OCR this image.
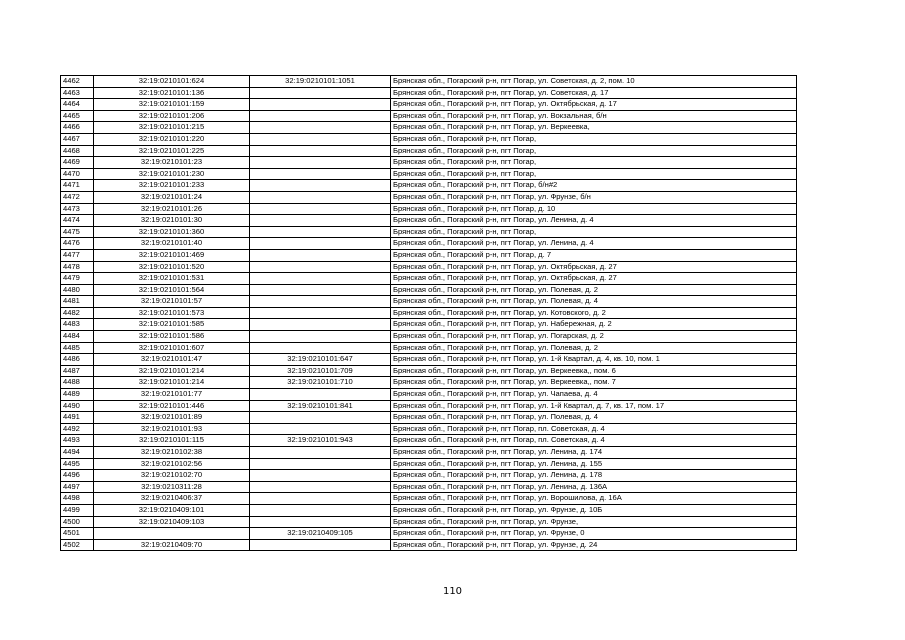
4462	32:19:0210101:624	32:19:0210101:1051	Брянская обл., Погарский р-н, пгт Погар, ул. Советская, д. 2, пом. 10
4463	32:19:0210101:136		Брянская обл., Погарский р-н, пгт Погар, ул. Советская, д. 17
4464	32:19:0210101:159		Брянская обл., Погарский р-н, пгт Погар, ул. Октябрьская, д. 17
4465	32:19:0210101:206		Брянская обл., Погарский р-н, пгт Погар, ул. Вокзальная, б/н
4466	32:19:0210101:215		Брянская обл., Погарский р-н, пгт Погар, ул. Веркеевка,
4467	32:19:0210101:220		Брянская обл., Погарский р-н, пгт Погар,
4468	32:19:0210101:225		Брянская обл., Погарский р-н, пгт Погар,
4469	32:19:0210101:23		Брянская обл., Погарский р-н, пгт Погар,
4470	32:19:0210101:230		Брянская обл., Погарский р-н, пгт Погар,
4471	32:19:0210101:233		Брянская обл., Погарский р-н, пгт Погар, б/н#2
4472	32:19:0210101:24		Брянская обл., Погарский р-н, пгт Погар, ул. Фрунзе, б/н
4473	32:19:0210101:26		Брянская обл., Погарский р-н, пгт Погар, д. 10
4474	32:19:0210101:30		Брянская обл., Погарский р-н, пгт Погар, ул. Ленина, д. 4
4475	32:19:0210101:360		Брянская обл., Погарский р-н, пгт Погар,
4476	32:19:0210101:40		Брянская обл., Погарский р-н, пгт Погар, ул. Ленина, д. 4
4477	32:19:0210101:469		Брянская обл., Погарский р-н, пгт Погар, д. 7
4478	32:19:0210101:520		Брянская обл., Погарский р-н, пгт Погар, ул. Октябрьская, д. 27
4479	32:19:0210101:531		Брянская обл., Погарский р-н, пгт Погар, ул. Октябрьская, д. 27
4480	32:19:0210101:564		Брянская обл., Погарский р-н, пгт Погар, ул. Полевая, д. 2
4481	32:19:0210101:57		Брянская обл., Погарский р-н, пгт Погар, ул. Полевая, д. 4
4482	32:19:0210101:573		Брянская обл., Погарский р-н, пгт Погар, ул. Котовского, д. 2
4483	32:19:0210101:585		Брянская обл., Погарский р-н, пгт Погар, ул. Набережная, д. 2
4484	32:19:0210101:586		Брянская обл., Погарский р-н, пгт Погар, ул. Погарская, д. 2
4485	32:19:0210101:607		Брянская обл., Погарский р-н, пгт Погар, ул. Полевая, д. 2
4486	32:19:0210101:47	32:19:0210101:647	Брянская обл., Погарский р-н, пгт Погар, ул. 1-й Квартал, д. 4, кв. 10, пом. 1
4487	32:19:0210101:214	32:19:0210101:709	Брянская обл., Погарский р-н, пгт Погар, ул. Веркеевка,, пом. 6
4488	32:19:0210101:214	32:19:0210101:710	Брянская обл., Погарский р-н, пгт Погар, ул. Веркеевка,, пом. 7
4489	32:19:0210101:77		Брянская обл., Погарский р-н, пгт Погар, ул. Чапаева, д. 4
4490	32:19:0210101:446	32:19:0210101:841	Брянская обл., Погарский р-н, пгт Погар, ул. 1-й Квартал, д. 7, кв. 17, пом. 17
4491	32:19:0210101:89		Брянская обл., Погарский р-н, пгт Погар, ул. Полевая, д. 4
4492	32:19:0210101:93		Брянская обл., Погарский р-н, пгт Погар, пл. Советская, д. 4
4493	32:19:0210101:115	32:19:0210101:943	Брянская обл., Погарский р-н, пгт Погар, пл. Советская, д. 4
4494	32:19:0210102:38		Брянская обл., Погарский р-н, пгт Погар, ул. Ленина, д. 174
4495	32:19:0210102:56		Брянская обл., Погарский р-н, пгт Погар, ул. Ленина, д. 155
4496	32:19:0210102:70		Брянская обл., Погарский р-н, пгт Погар, ул. Ленина, д. 178
4497	32:19:0210311:28		Брянская обл., Погарский р-н, пгт Погар, ул. Ленина, д. 136А
4498	32:19:0210406:37		Брянская обл., Погарский р-н, пгт Погар, ул. Ворошилова, д. 16А
4499	32:19:0210409:101		Брянская обл., Погарский р-н, пгт Погар, ул. Фрунзе, д. 10Б
4500	32:19:0210409:103		Брянская обл., Погарский р-н, пгт Погар, ул. Фрунзе,
4501		32:19:0210409:105	Брянская обл., Погарский р-н, пгт Погар, ул. Фрунзе, 0
4502	32:19:0210409:70		Брянская обл., Погарский р-н, пгт Погар, ул. Фрунзе, д. 24
110
